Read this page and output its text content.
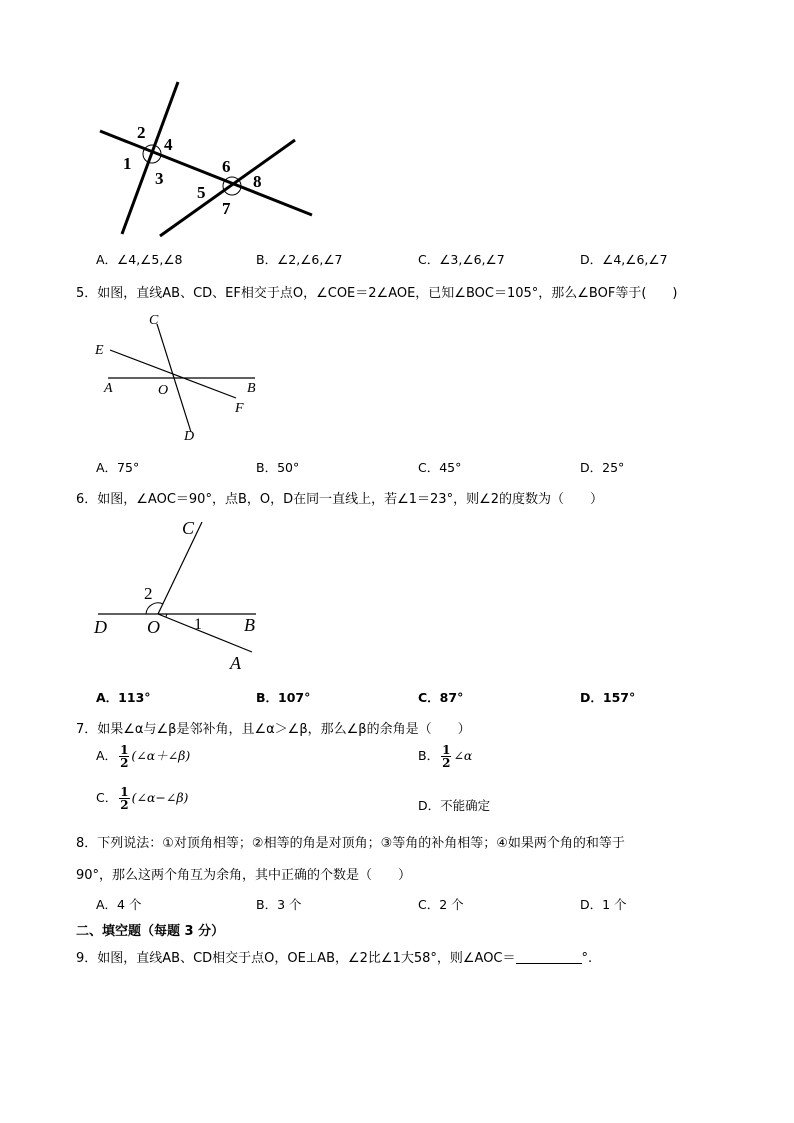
2
4
1
3
6
8
5
7
A．∠4,∠5,∠8	B．∠2,∠6,∠7	C．∠3,∠6,∠7	D．∠4,∠6,∠7
5．如图，直线AB、CD、EF相交于点O，∠COE＝2∠AOE，已知∠BOC＝105°，那么∠BOF等于(　　)
C
E
A	O	B
F
D
A．75°	B．50°	C．45°	D．25°
6．如图，∠AOC＝90°，点B，O，D在同一直线上，若∠1＝23°，则∠2的度数为（　　）
C
2
D O 1 B
A
A．113°	B．107°	C．87°	D．157°
7．如果∠α与∠β是邻补角，且∠α＞∠β，那么∠β的余角是（　　）
A． $\frac{1}{2}$ (∠α＋∠β)	B． $\frac{1}{2}$ ∠α
C． $\frac{1}{2}$ (∠α−∠β)
D．不能确定
8．下列说法：①对顶角相等；②相等的角是对顶角；③等角的补角相等；④如果两个角的和等于
90°，那么这两个角互为余角，其中正确的个数是（　　）
A．4 个	B．3 个	C．2 个	D．1 个
二、填空题（每题 3 分）
9．如图，直线AB、CD相交于点O，OE⊥AB，∠2比∠1大58°，则∠AOC＝	°.
